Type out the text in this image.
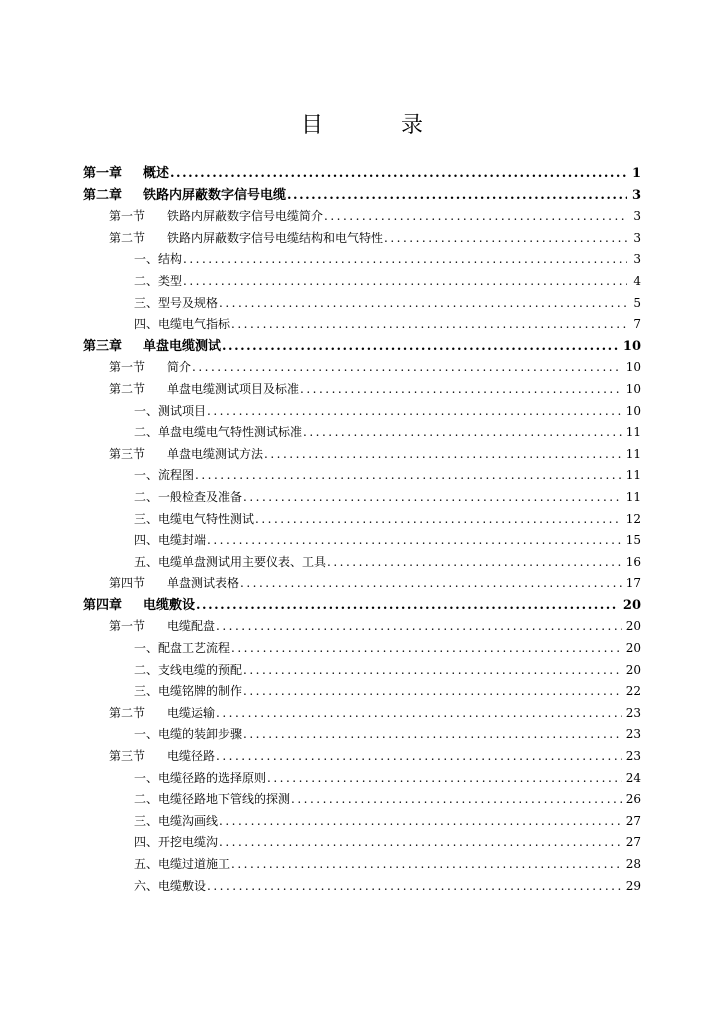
目　录
第一章	概述 .....	1
第二章	铁路内屏蔽数字信号电缆 .....	3
第一节	铁路内屏蔽数字信号电缆简介 .....	3
第二节	铁路内屏蔽数字信号电缆结构和电气特性 .....	3
一、结构 .....	3
二、类型 .....	4
三、型号及规格 .....	5
四、电缆电气指标 .....	7
第三章	单盘电缆测试 .....	10
第一节	简介 .....	10
第二节	单盘电缆测试项目及标准 .....	10
一、测试项目 .....	10
二、单盘电缆电气特性测试标准 .....	11
第三节	单盘电缆测试方法 .....	11
一、流程图 .....	11
二、一般检查及准备 .....	11
三、电缆电气特性测试 .....	12
四、电缆封端 .....	15
五、电缆单盘测试用主要仪表、工具 .....	16
第四节	单盘测试表格 .....	17
第四章	电缆敷设 .....	20
第一节	电缆配盘 .....	20
一、配盘工艺流程 .....	20
二、支线电缆的预配 .....	20
三、电缆铭牌的制作 .....	22
第二节	电缆运输 .....	23
一、电缆的装卸步骤 .....	23
第三节	电缆径路 .....	23
一、电缆径路的选择原则 .....	24
二、电缆径路地下管线的探测 .....	26
三、电缆沟画线 .....	27
四、开挖电缆沟 .....	27
五、电缆过道施工 .....	28
六、电缆敷设 .....	29
